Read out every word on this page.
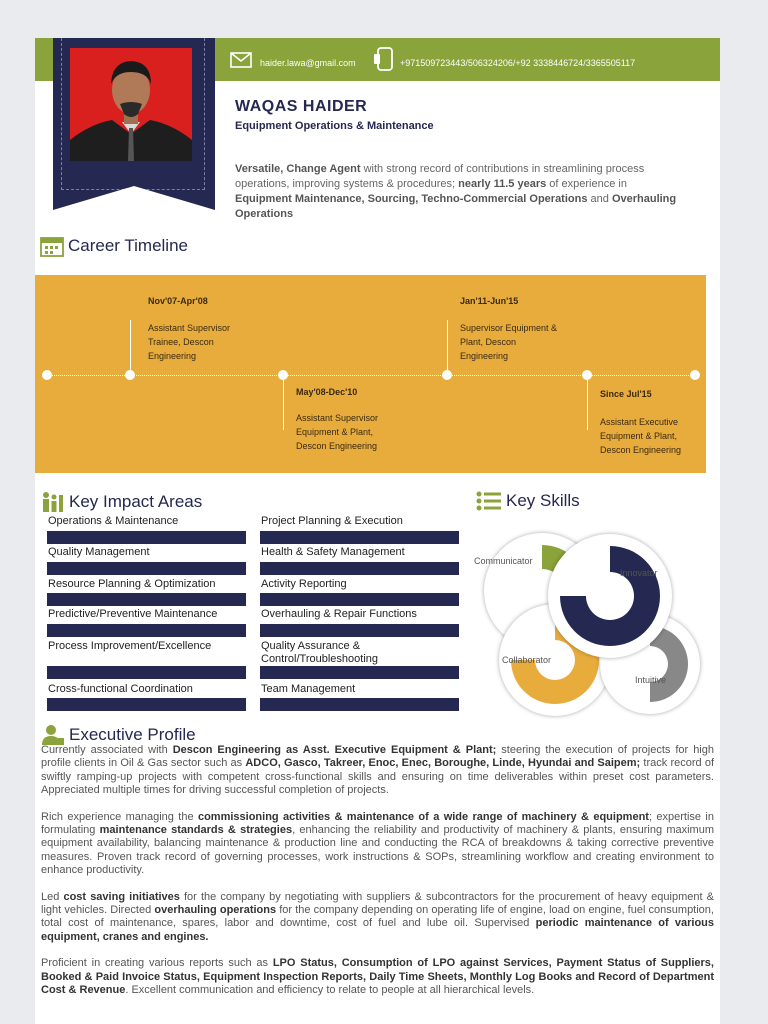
haider.lawa@gmail.com	+971509723443/506324206/+92 3338446724/3365505117
WAQAS HAIDER
Equipment Operations & Maintenance
Versatile, Change Agent with strong record of contributions in streamlining process operations, improving systems & procedures; nearly 11.5 years of experience in Equipment Maintenance, Sourcing, Techno-Commercial Operations and Overhauling Operations
Career Timeline
Nov'07-Apr'08
Assistant Supervisor Trainee, Descon Engineering
May'08-Dec'10
Assistant Supervisor Equipment & Plant, Descon Engineering
Jan'11-Jun'15
Supervisor Equipment & Plant, Descon Engineering
Since Jul'15
Assistant Executive Equipment & Plant, Descon Engineering
Key Impact Areas
Operations & Maintenance
Quality Management
Resource Planning & Optimization
Predictive/Preventive Maintenance
Process Improvement/Excellence
Cross-functional Coordination
Project Planning & Execution
Health & Safety Management
Activity Reporting
Overhauling & Repair Functions
Quality Assurance & Control/Troubleshooting
Team Management
Key Skills
Communicator
Innovator
Collaborator
Intuitive
Executive Profile

Currently associated with Descon Engineering as Asst. Executive Equipment & Plant; steering the execution of projects for high profile clients in Oil & Gas sector such as ADCO, Gasco, Takreer, Enoc, Enec, Boroughe, Linde, Hyundai and Saipem; track record of swiftly ramping-up projects with competent cross-functional skills and ensuring on time deliverables within preset cost parameters. Appreciated multiple times for driving successful completion of projects.

Rich experience managing the commissioning activities & maintenance of a wide range of machinery & equipment; expertise in formulating maintenance standards & strategies, enhancing the reliability and productivity of machinery & plants, ensuring maximum equipment availability, balancing maintenance & production line and conducting the RCA of breakdowns & taking corrective preventive measures. Proven track record of governing processes, work instructions & SOPs, streamlining workflow and creating environment to enhance productivity.

Led cost saving initiatives for the company by negotiating with suppliers & subcontractors for the procurement of heavy equipment & light vehicles. Directed overhauling operations for the company depending on operating life of engine, load on engine, fuel consumption, total cost of maintenance, spares, labor and downtime, cost of fuel and lube oil. Supervised periodic maintenance of various equipment, cranes and engines.

Proficient in creating various reports such as LPO Status, Consumption of LPO against Services, Payment Status of Suppliers, Booked & Paid Invoice Status, Equipment Inspection Reports, Daily Time Sheets, Monthly Log Books and Record of Department Cost & Revenue. Excellent communication and efficiency to relate to people at all hierarchical levels.
